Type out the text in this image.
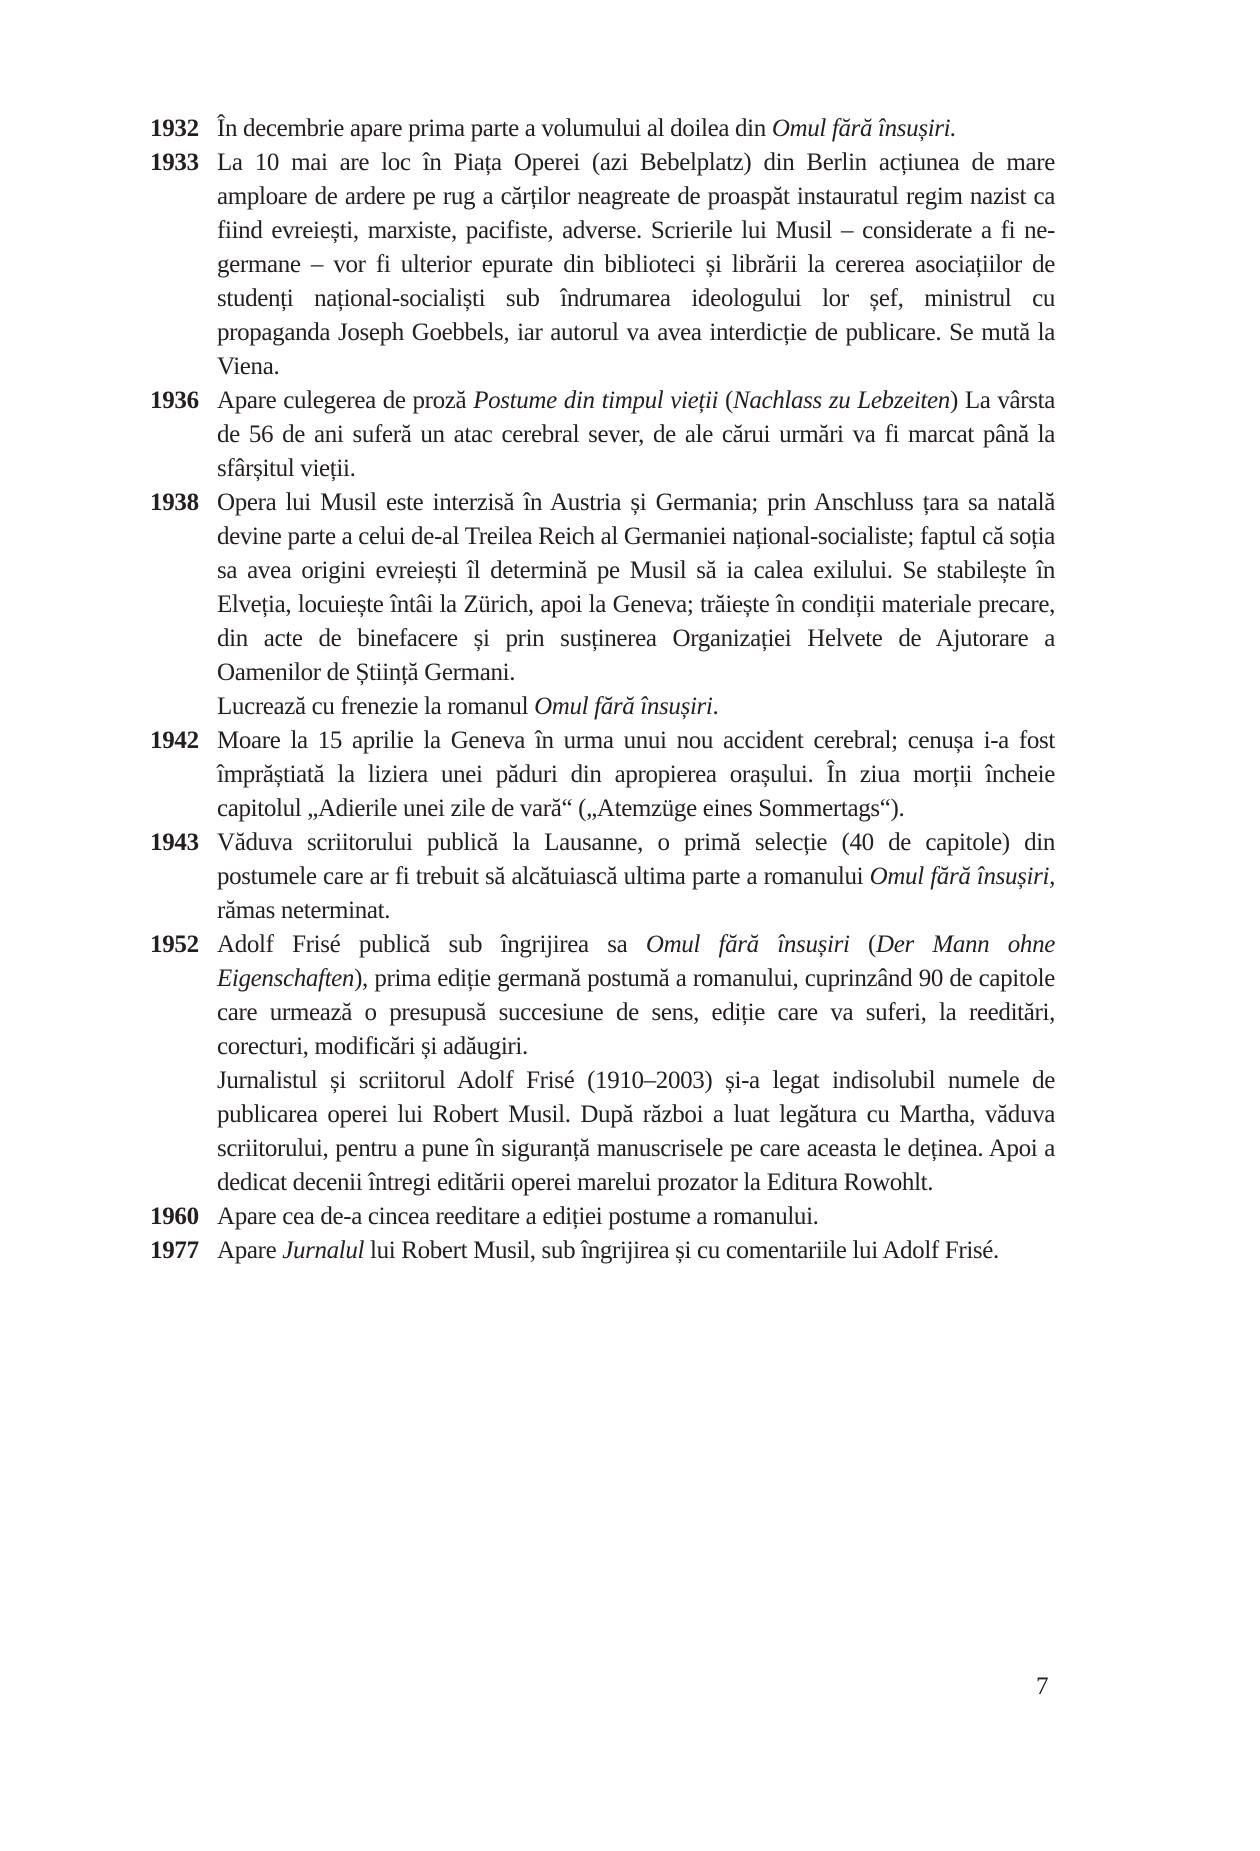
1932 În decembrie apare prima parte a volumului al doilea din Omul fără însușiri.

1933 La 10 mai are loc în Piața Operei (azi Bebelplatz) din Berlin acțiunea de mare amploare de ardere pe rug a cărților neagreate de proaspăt instauratul regim nazist ca fiind evreiești, marxiste, pacifiste, adverse. Scrierile lui Musil – considerate a fi ne-germane – vor fi ulterior epurate din biblioteci și librării la cererea asociațiilor de studenți național-socialiști sub îndrumarea ideologului lor șef, ministrul cu propaganda Joseph Goebbels, iar autorul va avea interdicție de publicare. Se mută la Viena.

1936 Apare culegerea de proză Postume din timpul vieții (Nachlass zu Lebzeiten) La vârsta de 56 de ani suferă un atac cerebral sever, de ale cărui urmări va fi marcat până la sfârșitul vieții.

1938 Opera lui Musil este interzisă în Austria și Germania; prin Anschluss țara sa natală devine parte a celui de-al Treilea Reich al Germaniei național-socialiste; faptul că soția sa avea origini evreiești îl determină pe Musil să ia calea exilului. Se stabilește în Elveția, locuiește întâi la Zürich, apoi la Geneva; trăiește în condiții materiale precare, din acte de binefacere și prin susținerea Organizației Helvete de Ajutorare a Oamenilor de Știință Germani.

Lucrează cu frenezie la romanul Omul fără însușiri.

1942 Moare la 15 aprilie la Geneva în urma unui nou accident cerebral; cenușa i-a fost împrăștiată la liziera unei păduri din apropierea orașului. În ziua morții încheie capitolul „Adierile unei zile de vară“ („Atemzüge eines Sommertags“).

1943 Văduva scriitorului publică la Lausanne, o primă selecție (40 de capitole) din postumele care ar fi trebuit să alcătuiască ultima parte a romanului Omul fără însușiri, rămas neterminat.

1952 Adolf Frisé publică sub îngrijirea sa Omul fără însușiri (Der Mann ohne Eigenschaften), prima ediție germană postumă a romanului, cuprinzând 90 de capitole care urmează o presupusă succesiune de sens, ediție care va suferi, la reeditări, corecturi, modificări și adăugiri.

Jurnalistul și scriitorul Adolf Frisé (1910–2003) și-a legat indisolubil numele de publicarea operei lui Robert Musil. După război a luat legătura cu Martha, văduva scriitorului, pentru a pune în siguranță manuscrisele pe care aceasta le deținea. Apoi a dedicat decenii întregi editării operei marelui prozator la Editura Rowohlt.

1960 Apare cea de-a cincea reeditare a ediției postume a romanului.

1977 Apare Jurnalul lui Robert Musil, sub îngrijirea și cu comentariile lui Adolf Frisé.

7
